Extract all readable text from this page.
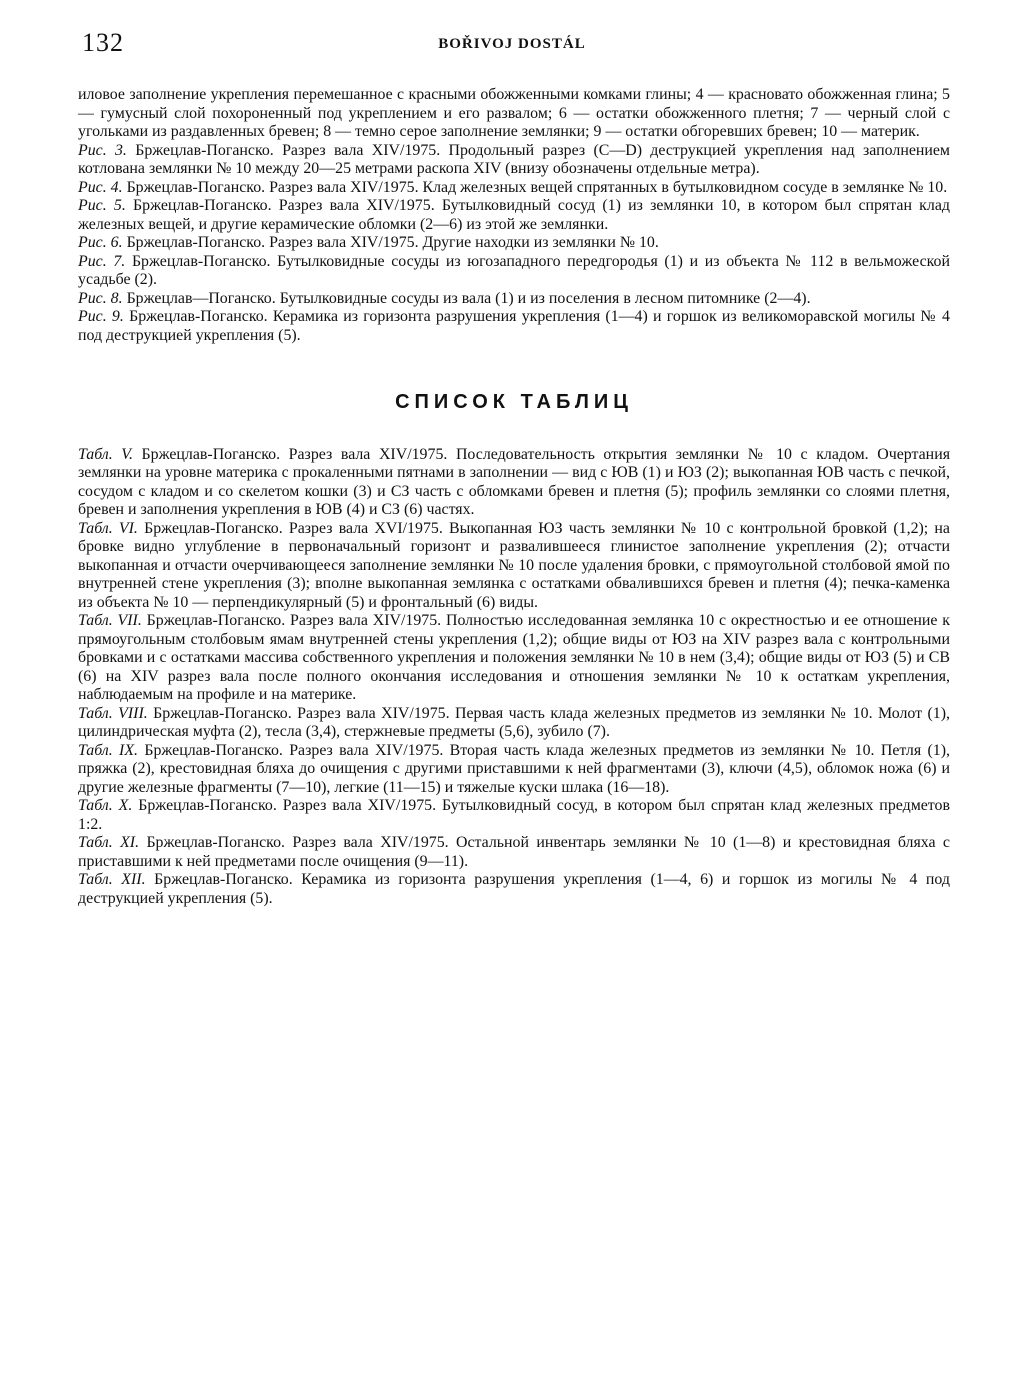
132	BOŘIVOJ DOSTÁL

иловое заполнение укрепления перемешанное с красными обожженными комками глины; 4 — красновато обожженная глина; 5 — гумусный слой похороненный под укреплением и его развалом; 6 — остатки обожженного плетня; 7 — черный слой с угольками из раздавленных бревен; 8 — темно серое заполнение землянки; 9 — остатки обгоревших бревен; 10 — материк.

Рис. 3. Бржецлав-Поганско. Разрез вала XIV/1975. Продольный разрез (C—D) деструкцией укрепления над заполнением котлована землянки № 10 между 20—25 метрами раскопа XIV (внизу обозначены отдельные метра).

Рис. 4. Бржецлав-Поганско. Разрез вала XIV/1975. Клад железных вещей спрятанных в бутылковидном сосуде в землянке № 10.

Рис. 5. Бржецлав-Поганско. Разрез вала XIV/1975. Бутылковидный сосуд (1) из землянки 10, в котором был спрятан клад железных вещей, и другие керамические обломки (2—6) из этой же землянки.

Рис. 6. Бржецлав-Поганско. Разрез вала XIV/1975. Другие находки из землянки № 10.

Рис. 7. Бржецлав-Поганско. Бутылковидные сосуды из югозападного передгородья (1) и из объекта № 112 в вельможеской усадьбе (2).

Рис. 8. Бржецлав—Поганско. Бутылковидные сосуды из вала (1) и из поселения в лесном питомнике (2—4).

Рис. 9. Бржецлав-Поганско. Керамика из горизонта разрушения укрепления (1—4) и горшок из великоморавской могилы № 4 под деструкцией укрепления (5).

СПИСОК ТАБЛИЦ

Табл. V. Бржецлав-Поганско. Разрез вала XIV/1975. Последовательность открытия землянки № 10 с кладом. Очертания землянки на уровне материка с прокаленными пятнами в заполнении — вид с ЮВ (1) и ЮЗ (2); выкопанная ЮВ часть с печкой, сосудом с кладом и со скелетом кошки (3) и СЗ часть с обломками бревен и плетня (5); профиль землянки со слоями плетня, бревен и заполнения укрепления в ЮВ (4) и СЗ (6) частях.

Табл. VI. Бржецлав-Поганско. Разрез вала XVI/1975. Выкопанная ЮЗ часть землянки № 10 с контрольной бровкой (1,2); на бровке видно углубление в первоначальный горизонт и развалившееся глинистое заполнение укрепления (2); отчасти выкопанная и отчасти очерчивающееся заполнение землянки № 10 после удаления бровки, с прямоугольной столбовой ямой по внутренней стене укрепления (3); вполне выкопанная землянка с остатками обвалившихся бревен и плетня (4); печка-каменка из объекта № 10 — перпендикулярный (5) и фронтальный (6) виды.

Табл. VII. Бржецлав-Поганско. Разрез вала XIV/1975. Полностью исследованная землянка 10 с окрестностью и ее отношение к прямоугольным столбовым ямам внутренней стены укрепления (1,2); общие виды от ЮЗ на XIV разрез вала с контрольными бровками и с остатками массива собственного укрепления и положения землянки № 10 в нем (3,4); общие виды от ЮЗ (5) и СВ (6) на XIV разрез вала после полного окончания исследования и отношения землянки № 10 к остаткам укрепления, наблюдаемым на профиле и на материке.

Табл. VIII. Бржецлав-Поганско. Разрез вала XIV/1975. Первая часть клада железных предметов из землянки № 10. Молот (1), цилиндрическая муфта (2), тесла (3,4), стержневые предметы (5,6), зубило (7).

Табл. IX. Бржецлав-Поганско. Разрез вала XIV/1975. Вторая часть клада железных предметов из землянки № 10. Петля (1), пряжка (2), крестовидная бляха до очищения с другими приставшими к ней фрагментами (3), ключи (4,5), обломок ножа (6) и другие железные фрагменты (7—10), легкие (11—15) и тяжелые куски шлака (16—18).

Табл. X. Бржецлав-Поганско. Разрез вала XIV/1975. Бутылковидный сосуд, в котором был спрятан клад железных предметов 1:2.

Табл. XI. Бржецлав-Поганско. Разрез вала XIV/1975. Остальной инвентарь землянки № 10 (1—8) и крестовидная бляха с приставшими к ней предметами после очищения (9—11).

Табл. XII. Бржецлав-Поганско. Керамика из горизонта разрушения укрепления (1—4, 6) и горшок из могилы № 4 под деструкцией укрепления (5).
